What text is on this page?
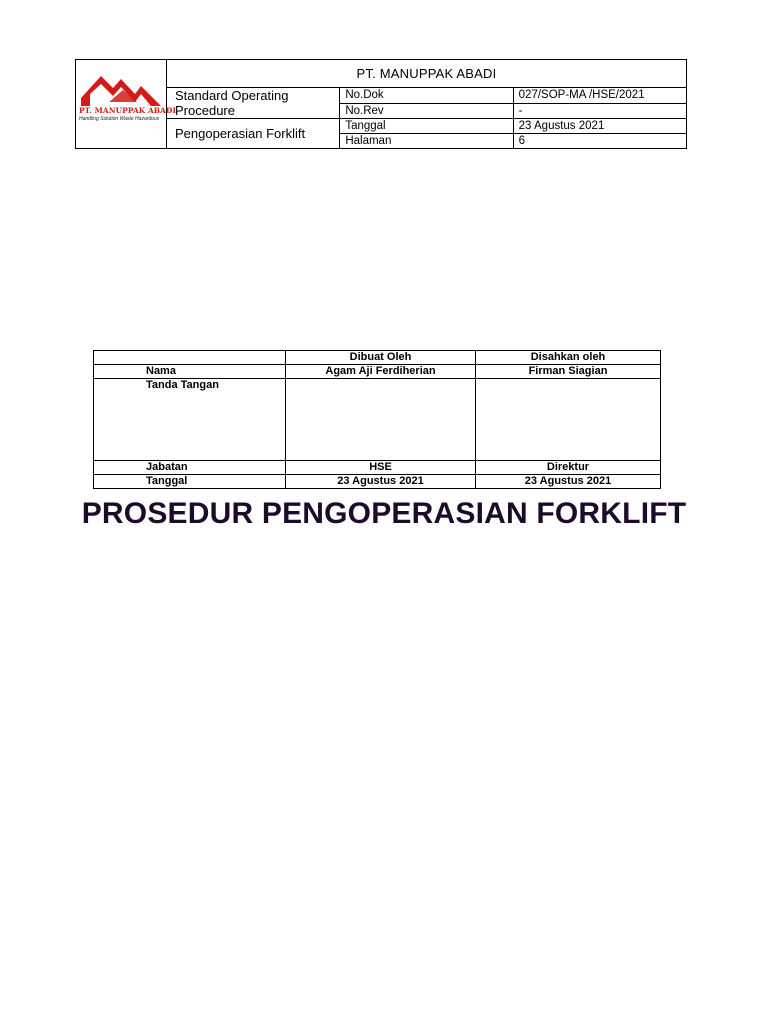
PT. MANUPPAK ABADI
Handling Solution Waste Hazardous	PT. MANUPPAK ABADI		
	Standard Operating Procedure	No.Dok	027/SOP-MA /HSE/2021
		No.Rev	-
	Pengoperasian Forklift	Tanggal	23 Agustus 2021
		Halaman	6
	Dibuat Oleh	Disahkan oleh
Nama	Agam Aji Ferdiherian	Firman Siagian
Tanda Tangan		
Jabatan	HSE	Direktur
Tanggal	23 Agustus 2021	23 Agustus 2021
PROSEDUR PENGOPERASIAN FORKLIFT
